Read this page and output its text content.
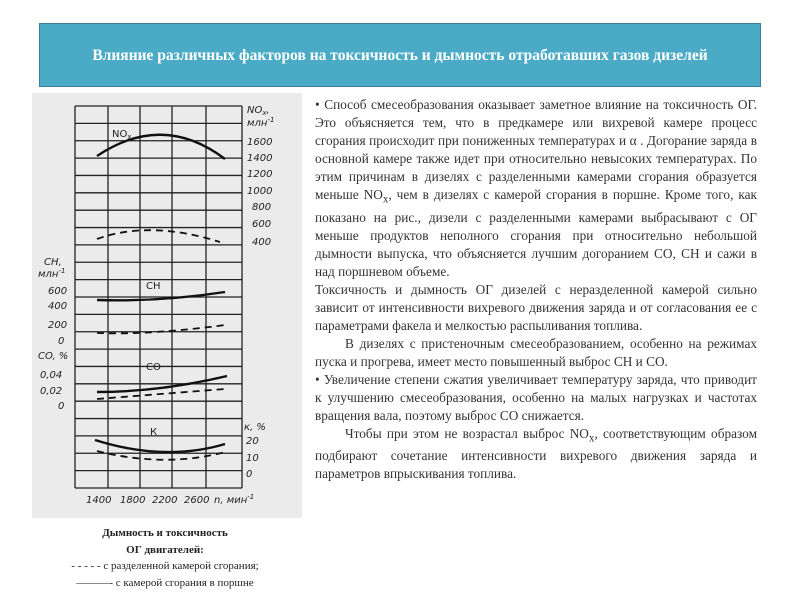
Влияние различных факторов на токсичность и дымность отработавших газов дизелей
$NO_x$,
млн$^{-1}$
1600
1400
1200
1000
800
600
400
CH,
млн$^{-1}$
600
400
200
0
CO, %
0,04
0,02
0
к, %
20
10
0
1400 1800 2200 2600 n, мин$^{-1}$
$NO_x$
CH
CO
К
Дымность и токсичность
ОГ двигателей:
- - - - - с разделенной камерой сгорания;
———- с камерой сгорания в поршне

• Способ смесеобразования оказывает заметное влияние на токсичность ОГ. Это объясняется тем, что в предкамере или вихревой камере процесс сгорания происходит при пониженных температурах и α . Догорание заряда в основной камере также идет при относительно невысоких температурах. По этим причинам в дизелях с разделенными камерами сгорания образуется меньше $NO_x$, чем в дизелях с камерой сгорания в поршне. Кроме того, как показано на рис., дизели с разделенными камерами выбрасывают с ОГ меньше продуктов неполного сгорания при относительно небольшой дымности выпуска, что объясняется лучшим догоранием СО, СН и сажи в над поршневом объеме.

Токсичность и дымность ОГ дизелей с неразделенной камерой сильно зависит от интенсивности вихревого движения заряда и от согласования ее с параметрами факела и мелкостью распыливания топлива.

В дизелях с пристеночным смесеобразованием, особенно на режимах пуска и прогрева, имеет место повышенный выброс СН и СО.

• Увеличение степени сжатия увеличивает температуру заряда, что приводит к улучшению смесеобразования, особенно на малых нагрузках и частотах вращения вала, поэтому выброс СО снижается.

Чтобы при этом не возрастал выброс $NO_x$, соответствующим образом подбирают сочетание интенсивности вихревого движения заряда и параметров впрыскивания топлива.
